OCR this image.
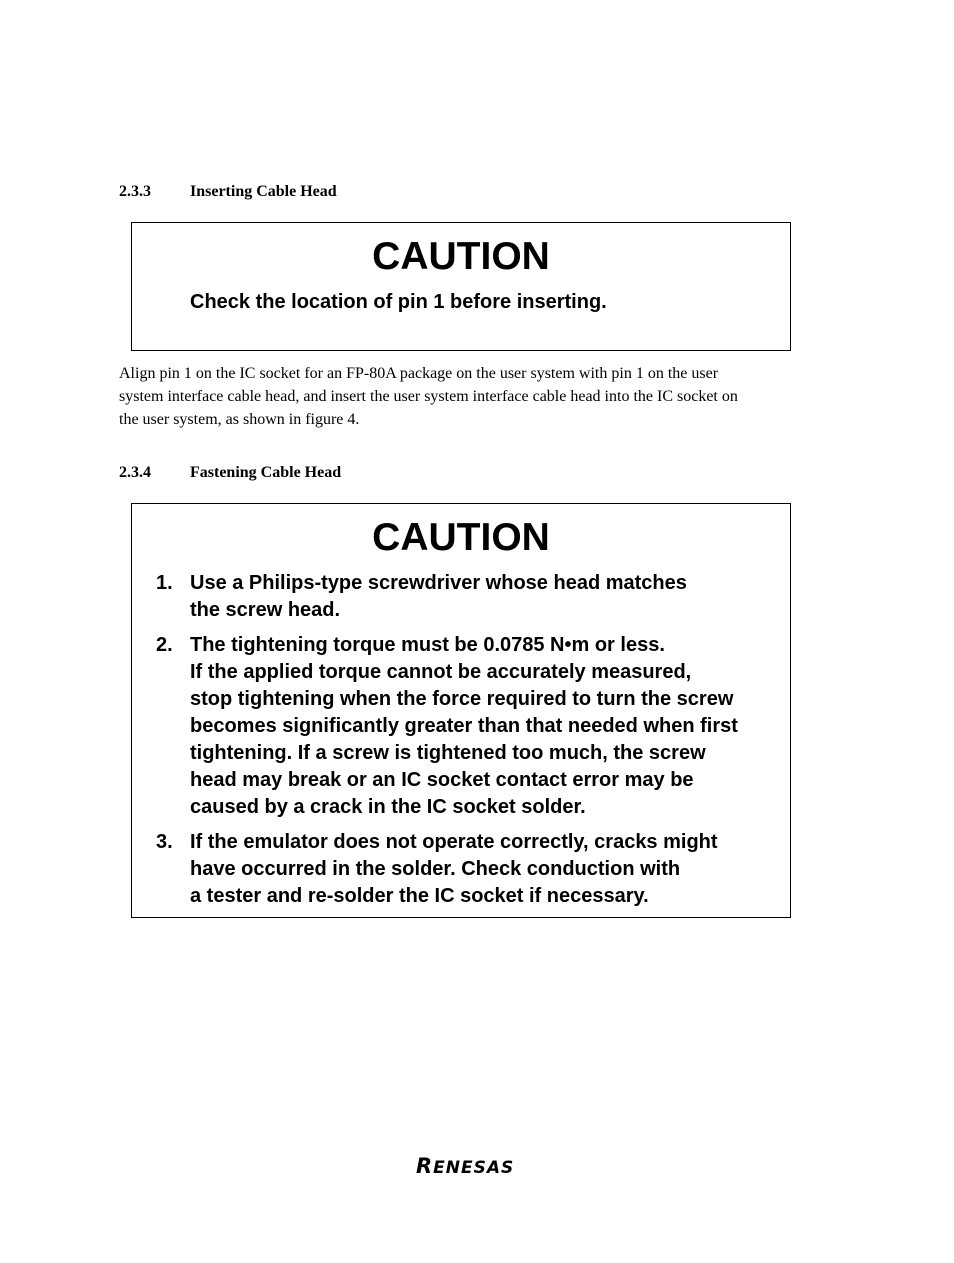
2.3.3 Inserting Cable Head
CAUTION
Check the location of pin 1 before inserting.
Align pin 1 on the IC socket for an FP-80A package on the user system with pin 1 on the user
system interface cable head, and insert the user system interface cable head into the IC socket on
the user system, as shown in figure 4.
2.3.4 Fastening Cable Head
CAUTION
1. Use a Philips-type screwdriver whose head matches
the screw head.
2. The tightening torque must be 0.0785 N•m or less.
If the applied torque cannot be accurately measured,
stop tightening when the force required to turn the screw
becomes significantly greater than that needed when first
tightening. If a screw is tightened too much, the screw
head may break or an IC socket contact error may be
caused by a crack in the IC socket solder.
3. If the emulator does not operate correctly, cracks might
have occurred in the solder. Check conduction with
a tester and re-solder the IC socket if necessary.
RENESAS
